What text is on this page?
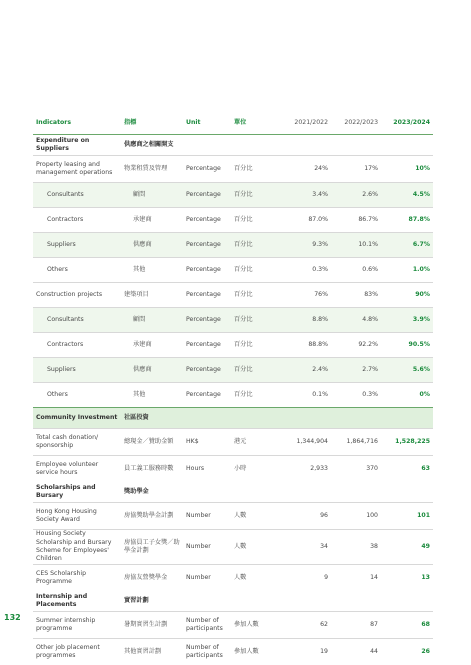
Indicators	指標	Unit	單位	2021/2022	2022/2023	2023/2024
Expenditure on Suppliers	供應商之相關開支					
Property leasing and management operations	物業租賃及管理	Percentage	百分比	24%	17%	10%
Consultants	顧問	Percentage	百分比	3.4%	2.6%	4.5%
Contractors	承建商	Percentage	百分比	87.0%	86.7%	87.8%
Suppliers	供應商	Percentage	百分比	9.3%	10.1%	6.7%
Others	其他	Percentage	百分比	0.3%	0.6%	1.0%
Construction projects	建築項目	Percentage	百分比	76%	83%	90%
Consultants	顧問	Percentage	百分比	8.8%	4.8%	3.9%
Contractors	承建商	Percentage	百分比	88.8%	92.2%	90.5%
Suppliers	供應商	Percentage	百分比	2.4%	2.7%	5.6%
Others	其他	Percentage	百分比	0.1%	0.3%	0%
Community Investment	社區投資					
Total cash donation/ sponsorship	總現金／贊助金額	HK$	港元	1,344,904	1,864,716	1,528,225
Employee volunteer service hours	員工義工服務時數	Hours	小時	2,933	370	63
Scholarships and Bursary	獎助學金					
Hong Kong Housing Society Award	房協獎助學金計劃	Number	人數	96	100	101
Housing Society Scholarship and Bursary Scheme for Employees' Children	房協員工子女獎／助學金計劃	Number	人數	34	38	49
CES Scholarship Programme	房協友營獎學金	Number	人數	9	14	13
Internship and Placements	實習計劃					
Summer internship programme	暑期實習生計劃	Number of participants	參加人數	62	87	68
Other job placement programmes	其他實習計劃	Number of participants	參加人數	19	44	26
132
